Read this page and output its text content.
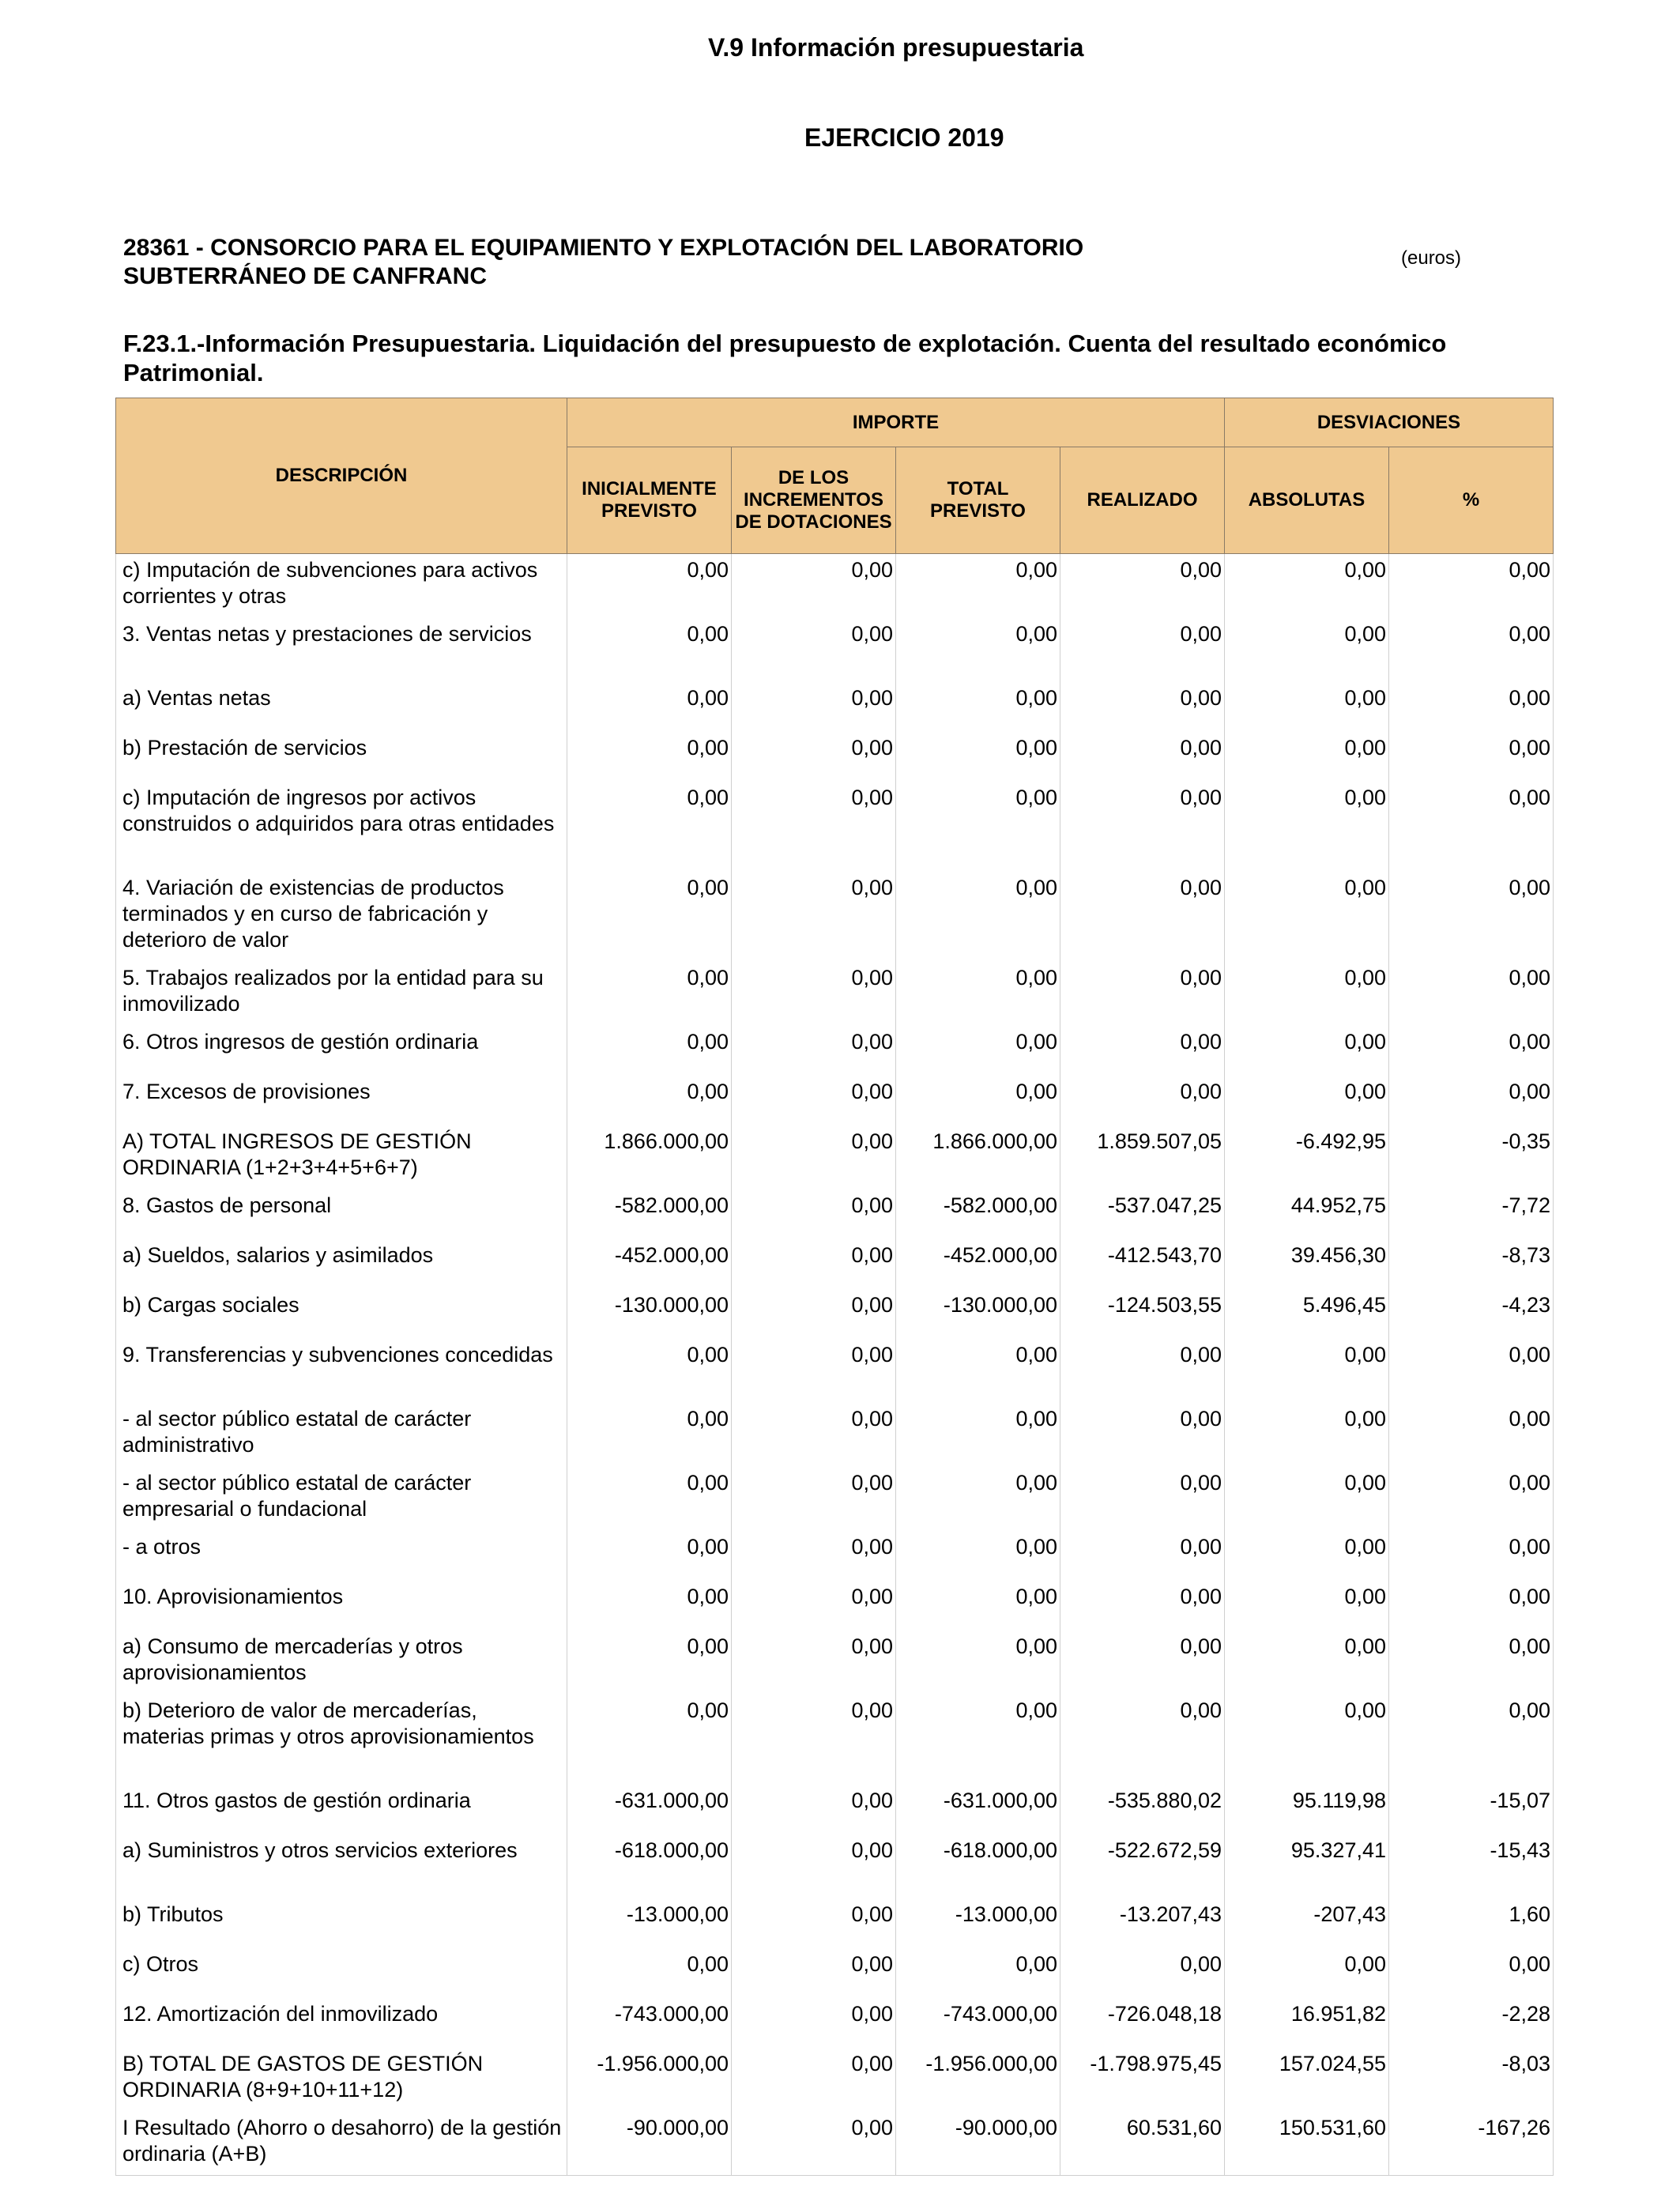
V.9 Información presupuestaria
EJERCICIO 2019
28361 - CONSORCIO PARA EL EQUIPAMIENTO Y EXPLOTACIÓN DEL LABORATORIO
SUBTERRÁNEO DE CANFRANC
(euros)
F.23.1.-Información Presupuestaria. Liquidación del presupuesto de explotación. Cuenta del resultado económico
Patrimonial.
DESCRIPCIÓN	IMPORTE				DESVIACIONES	
	INICIALMENTE PREVISTO	DE LOS INCREMENTOS DE DOTACIONES	TOTAL PREVISTO	REALIZADO	ABSOLUTAS	%
c) Imputación de subvenciones para activos corrientes y otras	0,00	0,00	0,00	0,00	0,00	0,00
3. Ventas netas y prestaciones de servicios	0,00	0,00	0,00	0,00	0,00	0,00
a) Ventas netas	0,00	0,00	0,00	0,00	0,00	0,00
b) Prestación de servicios	0,00	0,00	0,00	0,00	0,00	0,00
c) Imputación de ingresos por activos construidos o adquiridos para otras entidades	0,00	0,00	0,00	0,00	0,00	0,00
4. Variación de existencias de productos terminados y en curso de fabricación y deterioro de valor	0,00	0,00	0,00	0,00	0,00	0,00
5. Trabajos realizados por la entidad para su inmovilizado	0,00	0,00	0,00	0,00	0,00	0,00
6. Otros ingresos de gestión ordinaria	0,00	0,00	0,00	0,00	0,00	0,00
7. Excesos de provisiones	0,00	0,00	0,00	0,00	0,00	0,00
A) TOTAL INGRESOS DE GESTIÓN ORDINARIA (1+2+3+4+5+6+7)	1.866.000,00	0,00	1.866.000,00	1.859.507,05	-6.492,95	-0,35
8. Gastos de personal	-582.000,00	0,00	-582.000,00	-537.047,25	44.952,75	-7,72
a) Sueldos, salarios y asimilados	-452.000,00	0,00	-452.000,00	-412.543,70	39.456,30	-8,73
b) Cargas sociales	-130.000,00	0,00	-130.000,00	-124.503,55	5.496,45	-4,23
9. Transferencias y subvenciones concedidas	0,00	0,00	0,00	0,00	0,00	0,00
- al sector público estatal de carácter administrativo	0,00	0,00	0,00	0,00	0,00	0,00
- al sector público estatal de carácter empresarial o fundacional	0,00	0,00	0,00	0,00	0,00	0,00
- a otros	0,00	0,00	0,00	0,00	0,00	0,00
10. Aprovisionamientos	0,00	0,00	0,00	0,00	0,00	0,00
a) Consumo de mercaderías y otros aprovisionamientos	0,00	0,00	0,00	0,00	0,00	0,00
b) Deterioro de valor de mercaderías, materias primas y otros aprovisionamientos	0,00	0,00	0,00	0,00	0,00	0,00
11. Otros gastos de gestión ordinaria	-631.000,00	0,00	-631.000,00	-535.880,02	95.119,98	-15,07
a) Suministros y otros servicios exteriores	-618.000,00	0,00	-618.000,00	-522.672,59	95.327,41	-15,43
b) Tributos	-13.000,00	0,00	-13.000,00	-13.207,43	-207,43	1,60
c) Otros	0,00	0,00	0,00	0,00	0,00	0,00
12. Amortización del inmovilizado	-743.000,00	0,00	-743.000,00	-726.048,18	16.951,82	-2,28
B) TOTAL DE GASTOS DE GESTIÓN ORDINARIA (8+9+10+11+12)	-1.956.000,00	0,00	-1.956.000,00	-1.798.975,45	157.024,55	-8,03
I Resultado (Ahorro o desahorro) de la gestión ordinaria (A+B)	-90.000,00	0,00	-90.000,00	60.531,60	150.531,60	-167,26
